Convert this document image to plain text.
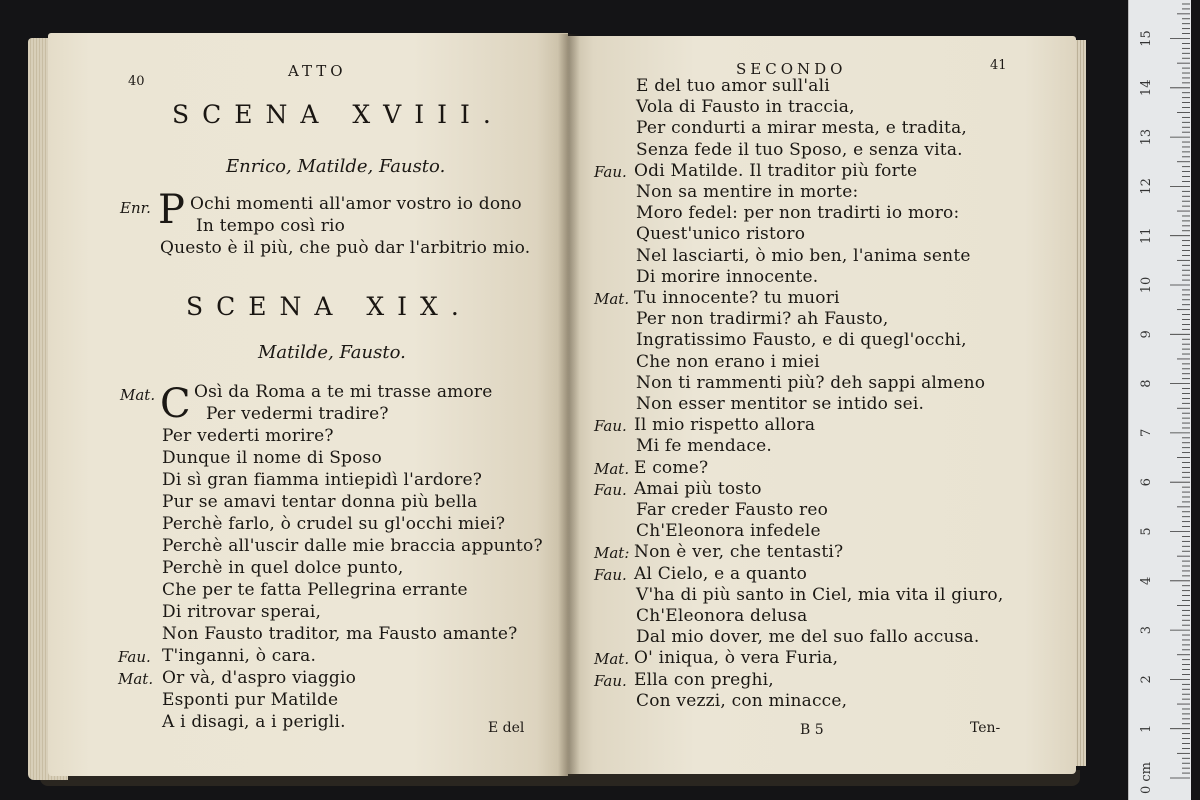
40
ATTO
SCENA XVIII.
Enrico, Matilde, Fausto.
Enr. P Ochi momenti all'amor vostro io dono
In tempo così rio
Questo è il più, che può dar l'arbitrio mio.
SCENA XIX.
Matilde, Fausto.
C
Mat. Osì da Roma a te mi trasse amore
Per vedermi tradire?
Per vederti morire?
Dunque il nome di Sposo
Di sì gran fiamma intiepidì l'ardore?
Pur se amavi tentar donna più bella
Perchè farlo, ò crudel su gl'occhi miei?
Perchè all'uscir dalle mie braccia appunto?
Perchè in quel dolce punto,
Che per te fatta Pellegrina errante
Di ritrovar sperai,
Non Fausto traditor, ma Fausto amante?
Fau. T'inganni, ò cara.
Mat. Or và, d'aspro viaggio
Esponti pur Matilde
A i disagi, a i perigli.	E del
SECONDO	41
E del tuo amor sull'ali
Vola di Fausto in traccia,
Per condurti a mirar mesta, e tradita,
Senza fede il tuo Sposo, e senza vita.
Fau. Odi Matilde. Il traditor più forte
Non sa mentire in morte:
Moro fedel: per non tradirti io moro:
Quest'unico ristoro
Nel lasciarti, ò mio ben, l'anima sente
Di morire innocente.
Mat. Tu innocente? tu muori
Per non tradirmi? ah Fausto,
Ingratissimo Fausto, e di quegl'occhi,
Che non erano i miei
Non ti rammenti più? deh sappi almeno
Non esser mentitor se intido sei.
Fau. Il mio rispetto allora
Mi fe mendace.
Mat. E come?
Fau. Amai più tosto
Far creder Fausto reo
Ch'Eleonora infedele
Mat: Non è ver, che tentasti?
Fau. Al Cielo, e a quanto
V'ha di più santo in Ciel, mia vita il giuro,
Ch'Eleonora delusa
Dal mio dover, me del suo fallo accusa.
Mat. O' iniqua, ò vera Furia,
Fau. Ella con preghi,
Con vezzi, con minacce,
B 5	Ten-
0 cm
1
2
3
4
5
6
7
8
9
10
11
12
13
14
15
